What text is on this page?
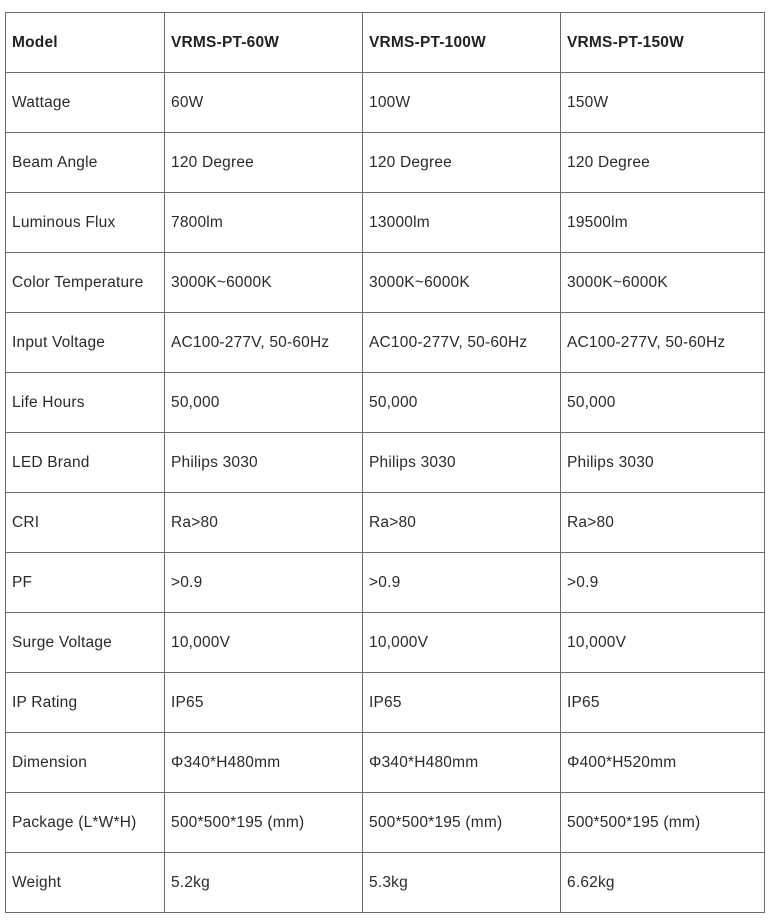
Model	VRMS-PT-60W	VRMS-PT-100W	VRMS-PT-150W
Wattage	60W	100W	150W
Beam Angle	120 Degree	120 Degree	120 Degree
Luminous Flux	7800lm	13000lm	19500lm
Color Temperature	3000K~6000K	3000K~6000K	3000K~6000K
Input Voltage	AC100-277V, 50-60Hz	AC100-277V, 50-60Hz	AC100-277V, 50-60Hz
Life Hours	50,000	50,000	50,000
LED Brand	Philips 3030	Philips 3030	Philips 3030
CRI	Ra>80	Ra>80	Ra>80
PF	>0.9	>0.9	>0.9
Surge Voltage	10,000V	10,000V	10,000V
IP Rating	IP65	IP65	IP65
Dimension	Φ340*H480mm	Φ340*H480mm	Φ400*H520mm
Package (L*W*H)	500*500*195 (mm)	500*500*195 (mm)	500*500*195 (mm)
Weight	5.2kg	5.3kg	6.62kg
